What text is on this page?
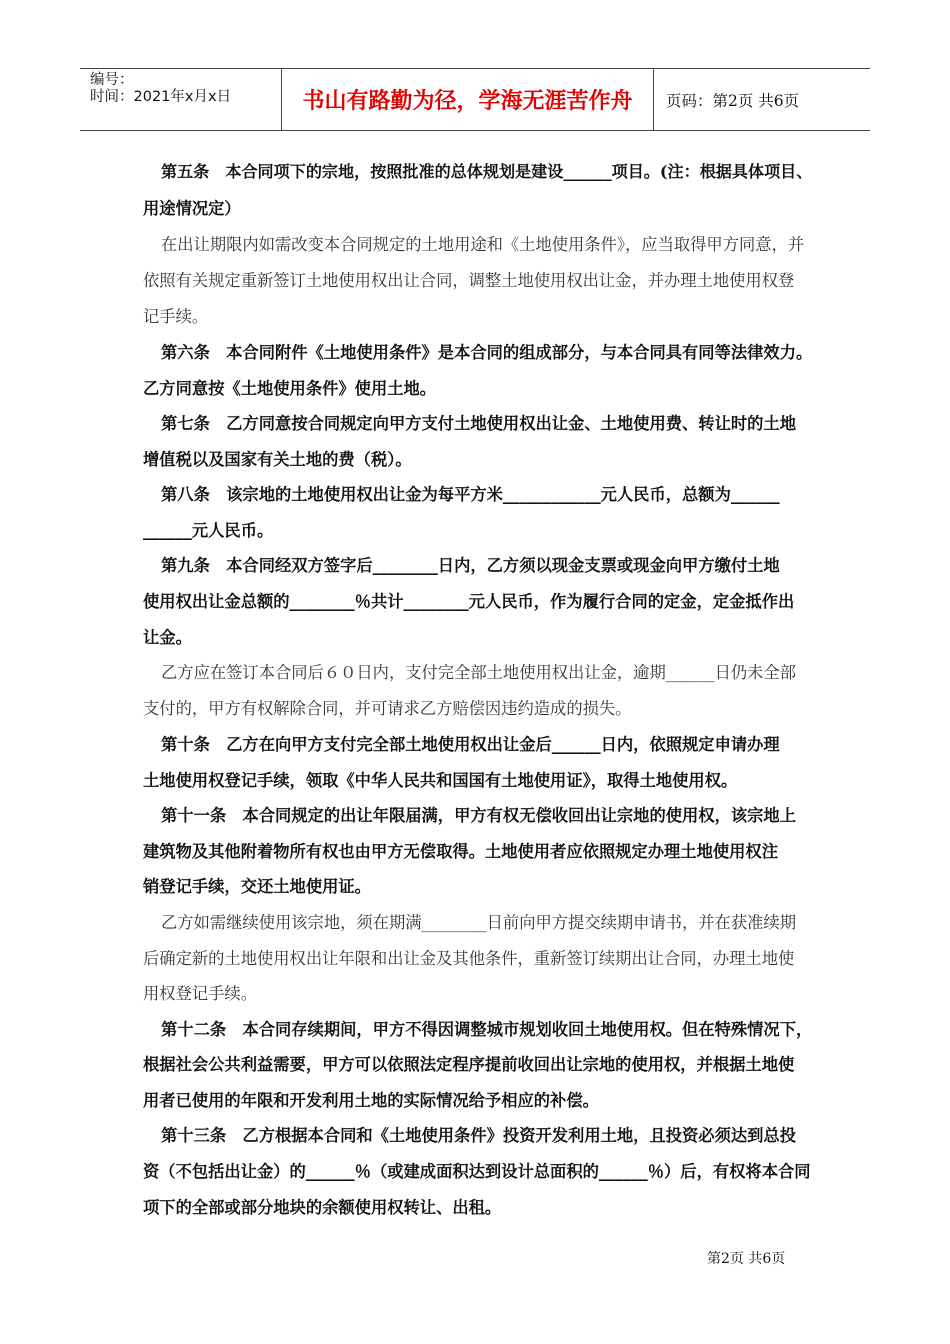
编号：
时间：2021年x月x日	书山有路勤为径，学海无涯苦作舟	页码：第2页 共6页
第五条　本合同项下的宗地，按照批准的总体规划是建设______项目。(注：根据具体项目、
用途情况定）
在出让期限内如需改变本合同规定的土地用途和《土地使用条件》，应当取得甲方同意，并
依照有关规定重新签订土地使用权出让合同，调整土地使用权出让金，并办理土地使用权登
记手续。
第六条　本合同附件《土地使用条件》是本合同的组成部分，与本合同具有同等法律效力。
乙方同意按《土地使用条件》使用土地。
第七条　乙方同意按合同规定向甲方支付土地使用权出让金、土地使用费、转让时的土地
增值税以及国家有关土地的费（税）。
第八条　该宗地的土地使用权出让金为每平方米____________元人民币，总额为______
______元人民币。
第九条　本合同经双方签字后________日内，乙方须以现金支票或现金向甲方缴付土地
使用权出让金总额的________％共计________元人民币，作为履行合同的定金，定金抵作出
让金。
乙方应在签订本合同后６０日内，支付完全部土地使用权出让金，逾期______日仍未全部
支付的，甲方有权解除合同，并可请求乙方赔偿因违约造成的损失。
第十条　乙方在向甲方支付完全部土地使用权出让金后______日内，依照规定申请办理
土地使用权登记手续，领取《中华人民共和国国有土地使用证》，取得土地使用权。
第十一条　本合同规定的出让年限届满，甲方有权无偿收回出让宗地的使用权，该宗地上
建筑物及其他附着物所有权也由甲方无偿取得。土地使用者应依照规定办理土地使用权注
销登记手续，交还土地使用证。
乙方如需继续使用该宗地，须在期满________日前向甲方提交续期申请书，并在获准续期
后确定新的土地使用权出让年限和出让金及其他条件，重新签订续期出让合同，办理土地使
用权登记手续。
第十二条　本合同存续期间，甲方不得因调整城市规划收回土地使用权。但在特殊情况下，
根据社会公共利益需要，甲方可以依照法定程序提前收回出让宗地的使用权，并根据土地使
用者已使用的年限和开发利用土地的实际情况给予相应的补偿。
第十三条　乙方根据本合同和《土地使用条件》投资开发利用土地，且投资必须达到总投
资（不包括出让金）的______％（或建成面积达到设计总面积的______％）后，有权将本合同
项下的全部或部分地块的余额使用权转让、出租。
第2页 共6页
